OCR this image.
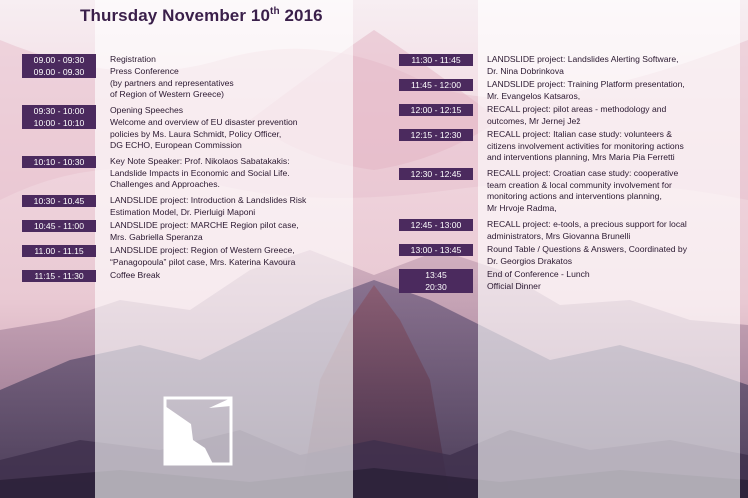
Thursday November 10th 2016
09.00 - 09:30	Registration
09.00 - 09.30	Press Conference
(by partners and representatives
of Region of Western Greece)
09:30 - 10:00	Opening Speeches
10:00 - 10:10	Welcome and overview of EU disaster prevention
policies by Ms. Laura Schmidt, Policy Officer,
DG ECHO, European Commission
10:10 - 10:30	Key Note Speaker: Prof. Nikolaos Sabatakakis:
Landslide Impacts in Economic and Social Life.
Challenges and Approaches.
10:30 - 10.45	LANDSLIDE project: Introduction & Landslides Risk
Estimation Model, Dr. Pierluigi Maponi
10:45 - 11:00	LANDSLIDE project: MARCHE Region pilot case,
Mrs. Gabriella Speranza
11.00 - 11.15	LANDSLIDE project: Region of Western Greece,
“Panagopoula” pilot case, Mrs. Katerina Kavoura
11:15 - 11:30	Coffee Break
11:30 - 11:45	LANDSLIDE project: Landslides Alerting Software,
Dr. Nina Dobrinkova
11:45 - 12:00	LANDSLIDE project: Training Platform presentation,
Mr. Evangelos Katsaros,
12:00 - 12:15	RECALL project: pilot areas - methodology and
outcomes, Mr Jernej Jež
12:15 - 12:30	RECALL project: Italian case study: volunteers &
citizens involvement activities for monitoring actions
and interventions planning, Mrs Maria Pia Ferretti
12:30 - 12:45	RECALL project: Croatian case study: cooperative
team creation & local community involvement for
monitoring actions and interventions planning,
Mr Hrvoje Radma,
12:45 - 13:00	RECALL project: e-tools, a precious support for local
administrators, Mrs Giovanna Brunelli
13:00 - 13:45	Round Table / Questions & Answers, Coordinated by
Dr. Georgios Drakatos
13:45	End of Conference - Lunch
20:30	Official Dinner
